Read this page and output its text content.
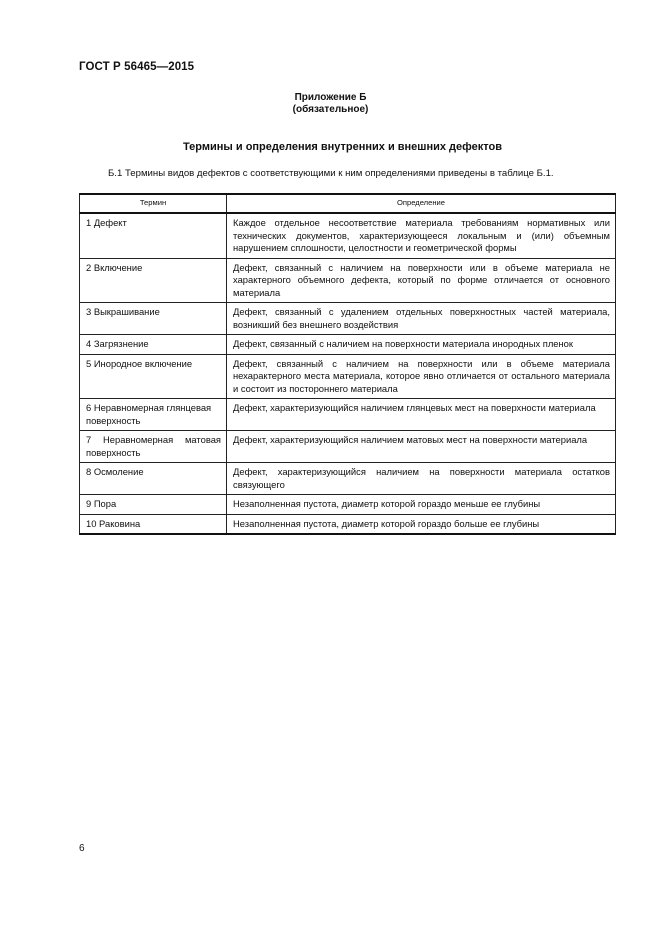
ГОСТ Р 56465—2015
Приложение Б
(обязательное)
Термины и определения внутренних и внешних дефектов
Б.1 Термины видов дефектов с соответствующими к ним определениями приведены в таблице Б.1.
Термин	Определение
1 Дефект	Каждое отдельное несоответствие материала требованиям нормативных или технических документов, характеризующееся локальным и (или) объемным нарушением сплошности, целостности и геометрической формы
2 Включение	Дефект, связанный с наличием на поверхности или в объеме материала не характерного объемного дефекта, который по форме отличается от основного материала
3 Выкрашивание	Дефект, связанный с удалением отдельных поверхностных частей материала, возникший без внешнего воздействия
4 Загрязнение	Дефект, связанный с наличием на поверхности материала инородных пленок
5 Инородное включение	Дефект, связанный с наличием на поверхности или в объеме материала нехарактерного места материала, которое явно отличается от остального материала и состоит из постороннего материала
6 Неравномерная глянцевая поверхность	Дефект, характеризующийся наличием глянцевых мест на поверхности материала
7 Неравномерная матовая поверхность	Дефект, характеризующийся наличием матовых мест на поверхности материала
8 Осмоление	Дефект, характеризующийся наличием на поверхности материала остатков связующего
9 Пора	Незаполненная пустота, диаметр которой гораздо меньше ее глубины
10 Раковина	Незаполненная пустота, диаметр которой гораздо больше ее глубины
6
